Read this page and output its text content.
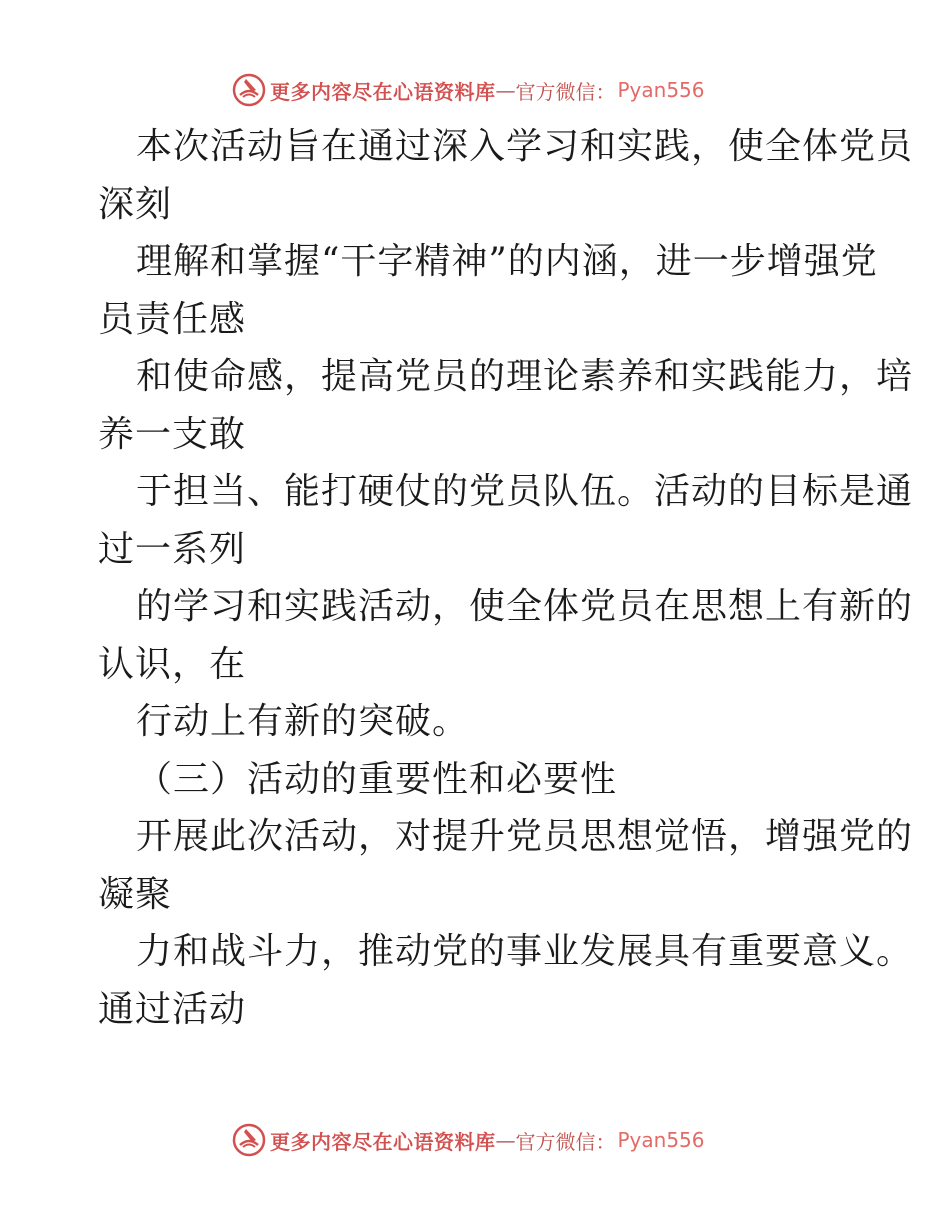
更多内容尽在心语资料库 — 官方微信： Pyan556
本次活动旨在通过深入学习和实践，使全体党员
深刻
理解和掌握“干字精神”的内涵，进一步增强党
员责任感
和使命感，提高党员的理论素养和实践能力，培
养一支敢
于担当、能打硬仗的党员队伍。活动的目标是通
过一系列
的学习和实践活动，使全体党员在思想上有新的
认识，在
行动上有新的突破。
（三）活动的重要性和必要性
开展此次活动，对提升党员思想觉悟，增强党的
凝聚
力和战斗力，推动党的事业发展具有重要意义。
通过活动
更多内容尽在心语资料库 — 官方微信： Pyan556
